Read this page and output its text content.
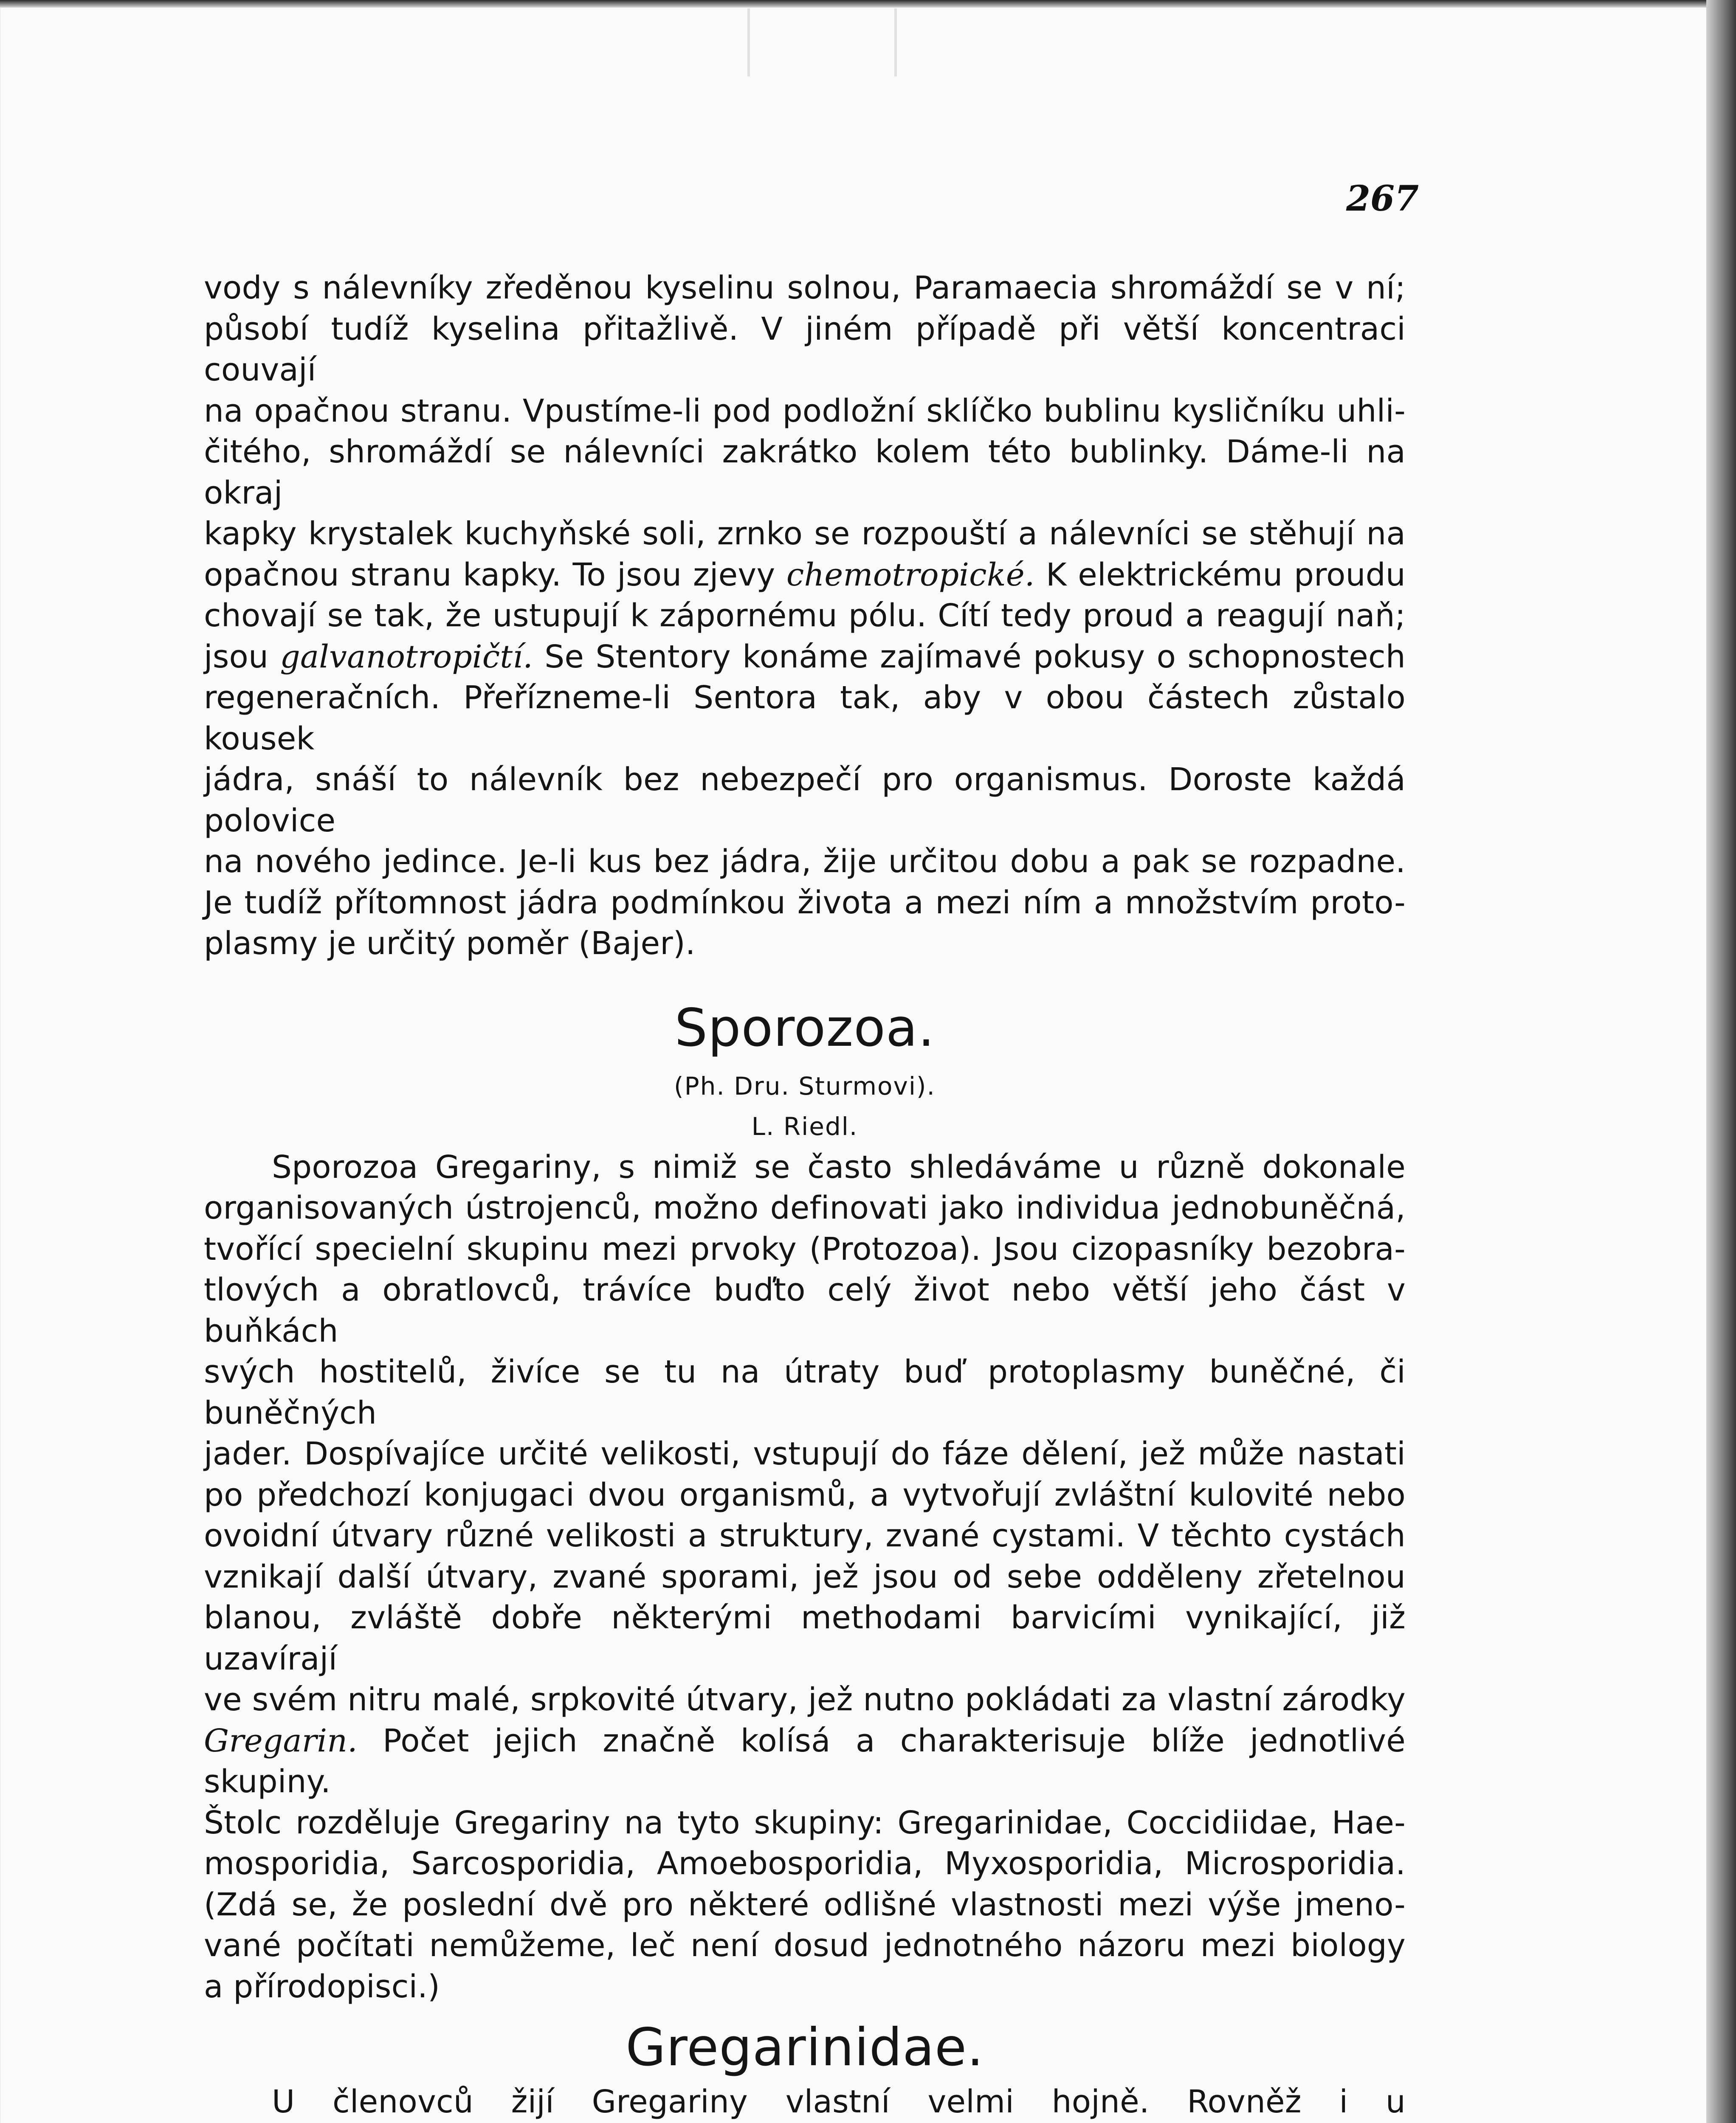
267

vody s nálevníky zředěnou kyselinu solnou, Paramaecia shromáždí se v ní;

působí tudíž kyselina přitažlivě. V jiném případě při větší koncentraci couvají

na opačnou stranu. Vpustíme-li pod podložní sklíčko bublinu kysličníku uhli-

čitého, shromáždí se nálevníci zakrátko kolem této bublinky. Dáme-li na okraj

kapky krystalek kuchyňské soli, zrnko se rozpouští a nálevníci se stěhují na

opačnou stranu kapky. To jsou zjevy chemotropické. K elektrickému proudu

chovají se tak, že ustupují k zápornému pólu. Cítí tedy proud a reagují naň;

jsou galvanotropičtí. Se Stentory konáme zajímavé pokusy o schopnostech

regeneračních. Přeřízneme-li Sentora tak, aby v obou částech zůstalo kousek

jádra, snáší to nálevník bez nebezpečí pro organismus. Doroste každá polovice

na nového jedince. Je-li kus bez jádra, žije určitou dobu a pak se rozpadne.

Je tudíž přítomnost jádra podmínkou života a mezi ním a množstvím proto-

plasmy je určitý poměr (Bajer).

Sporozoa.

(Ph. Dru. Sturmovi).

L. Riedl.

Sporozoa Gregariny, s nimiž se často shledáváme u různě dokonale

organisovaných ústrojenců, možno definovati jako individua jednobuněčná,

tvořící specielní skupinu mezi prvoky (Protozoa). Jsou cizopasníky bezobra-

tlových a obratlovců, trávíce buďto celý život nebo větší jeho část v buňkách

svých hostitelů, živíce se tu na útraty buď protoplasmy buněčné, či buněčných

jader. Dospívajíce určité velikosti, vstupují do fáze dělení, jež může nastati

po předchozí konjugaci dvou organismů, a vytvořují zvláštní kulovité nebo

ovoidní útvary různé velikosti a struktury, zvané cystami. V těchto cystách

vznikají další útvary, zvané sporami, jež jsou od sebe odděleny zřetelnou

blanou, zvláště dobře některými methodami barvicími vynikající, již uzavírají

ve svém nitru malé, srpkovité útvary, jež nutno pokládati za vlastní zárodky

Gregarin. Počet jejich značně kolísá a charakterisuje blíže jednotlivé skupiny.

Štolc rozděluje Gregariny na tyto skupiny: Gregarinidae, Coccidiidae, Hae-

mosporidia, Sarcosporidia, Amoebosporidia, Myxosporidia, Microsporidia.

(Zdá se, že poslední dvě pro některé odlišné vlastnosti mezi výše jmeno-

vané počítati nemůžeme, leč není dosud jednotného názoru mezi biology

a přírodopisci.)

Gregarinidae.

U členovců žijí Gregariny vlastní velmi hojně. Rovněž i u
